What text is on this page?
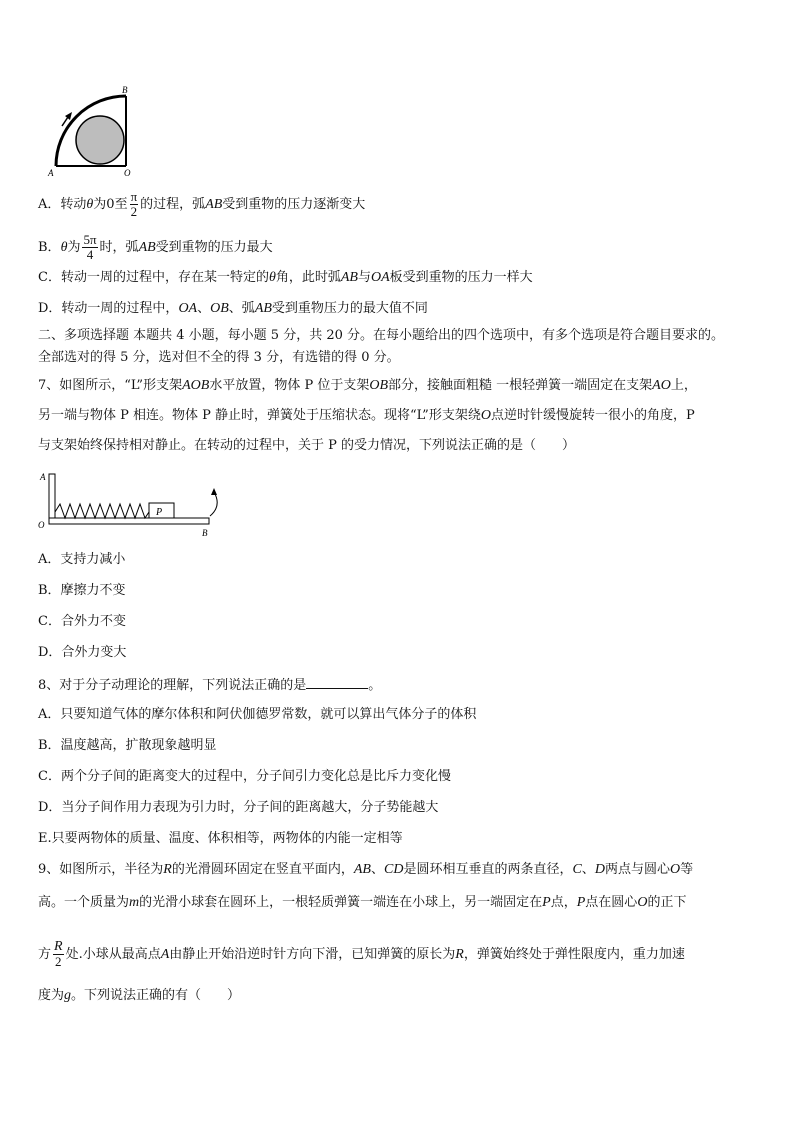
B
A	O
A．转动θ为0至 $\frac{\pi}{2}$ 的过程，弧AB受到重物的压力逐渐变大
B．θ为 $\frac{5\pi}{4}$ 时，弧AB受到重物的压力最大
C．转动一周的过程中，存在某一特定的θ角，此时弧AB与OA板受到重物的压力一样大
D．转动一周的过程中，OA、OB、弧AB受到重物压力的最大值不同
二、多项选择题 本题共 4 小题，每小题 5 分，共 20 分。在每小题给出的四个选项中，有多个选项是符合题目要求的。
全部选对的得 5 分，选对但不全的得 3 分，有选错的得 0 分。
7、如图所示，“L”形支架AOB水平放置，物体 P 位于支架OB部分，接触面粗糙 一根轻弹簧一端固定在支架AO上，
另一端与物体 P 相连。物体 P 静止时，弹簧处于压缩状态。现将“L”形支架绕O点逆时针缓慢旋转一很小的角度，P
与支架始终保持相对静止。在转动的过程中，关于 P 的受力情况，下列说法正确的是（　　）
P
A
O
B
A．支持力减小
B．摩擦力不变
C．合外力不变
D．合外力变大
8、对于分子动理论的理解，下列说法正确的是	。
A．只要知道气体的摩尔体积和阿伏伽德罗常数，就可以算出气体分子的体积
B．温度越高，扩散现象越明显
C．两个分子间的距离变大的过程中，分子间引力变化总是比斥力变化慢
D．当分子间作用力表现为引力时，分子间的距离越大，分子势能越大
E.只要两物体的质量、温度、体积相等，两物体的内能一定相等
9、如图所示，半径为R的光滑圆环固定在竖直平面内，AB、CD是圆环相互垂直的两条直径，C、D两点与圆心O等
高。一个质量为m的光滑小球套在圆环上，一根轻质弹簧一端连在小球上，另一端固定在P点，P点在圆心O的正下
方 $\frac{R}{2}$ 处.小球从最高点A由静止开始沿逆时针方向下滑，已知弹簧的原长为R，弹簧始终处于弹性限度内，重力加速
度为g。下列说法正确的有（　　）
